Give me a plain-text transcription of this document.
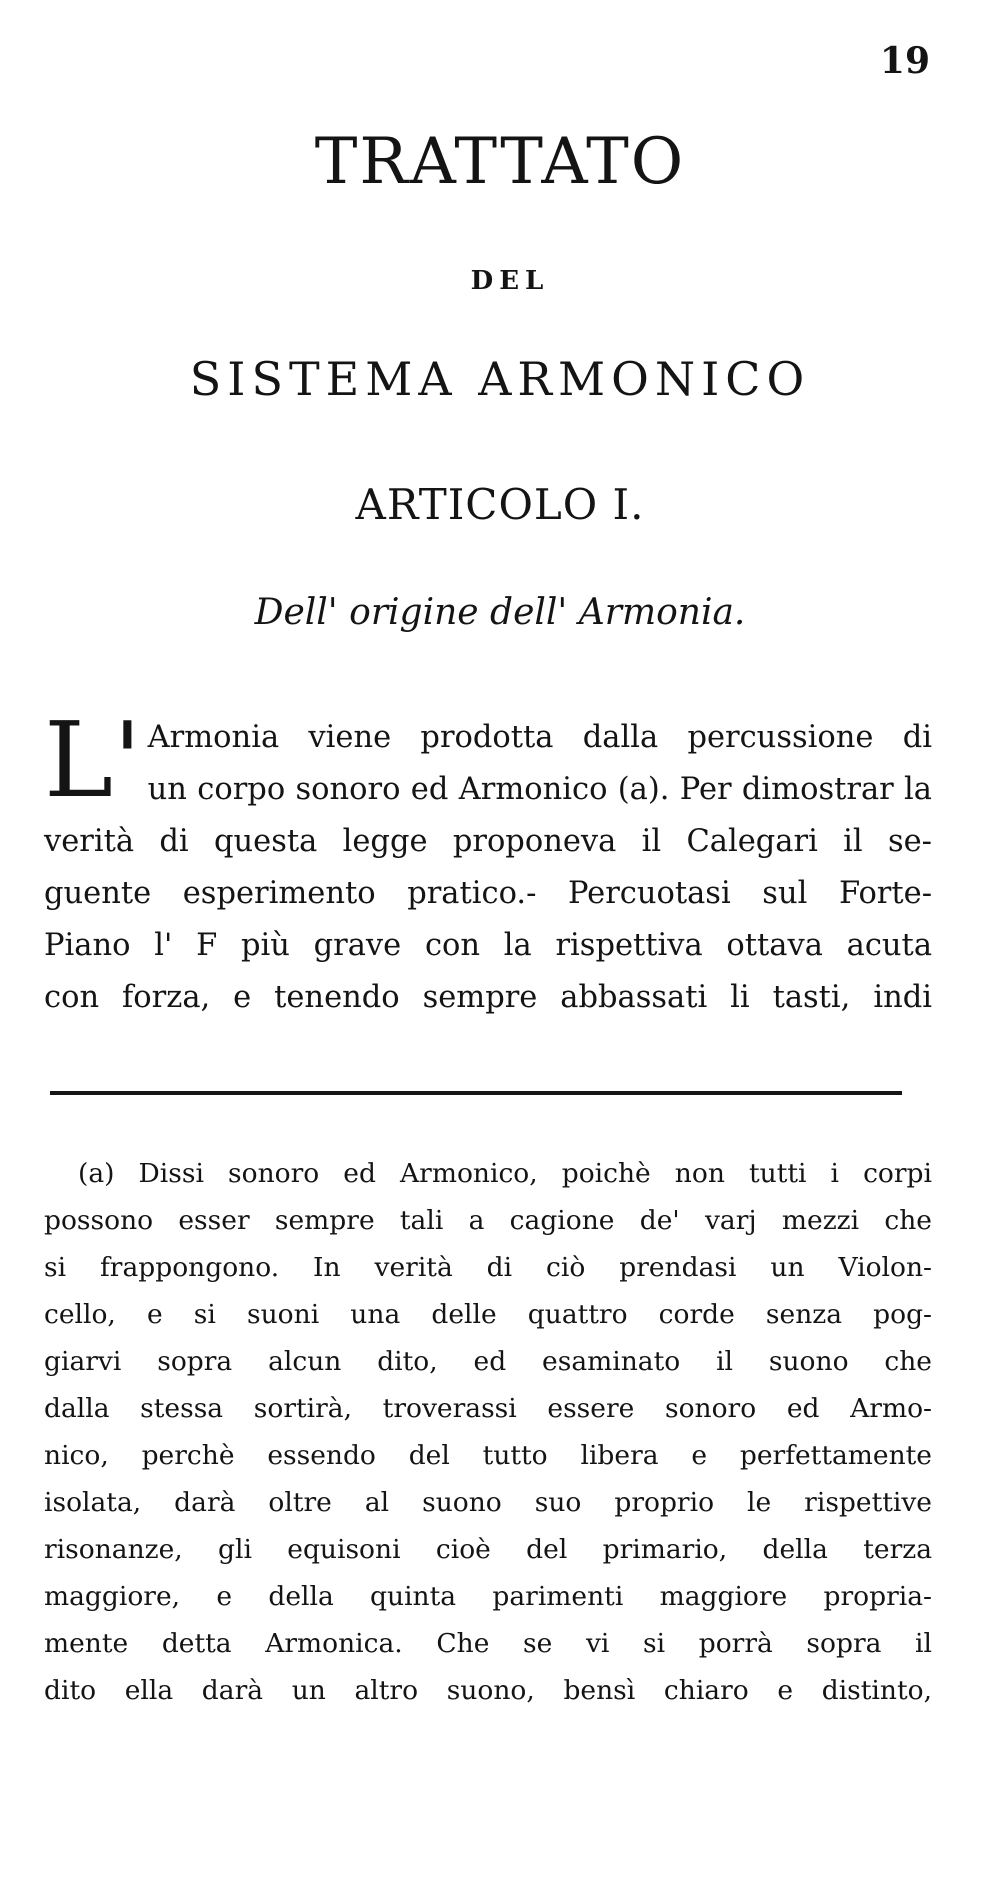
19
TRATTATO
DEL
SISTEMA ARMONICO
ARTICOLO I.
Dell' origine dell' Armonia.
L' Armonia viene prodotta dalla percussione di
un corpo sonoro ed Armonico (a). Per dimostrar la
verità di questa legge proponeva il Calegari il se-
guente esperimento pratico.- Percuotasi sul Forte-
Piano l' F più grave con la rispettiva ottava acuta
con forza, e tenendo sempre abbassati li tasti, indi
(a) Dissi sonoro ed Armonico, poichè non tutti i corpi
possono esser sempre tali a cagione de' varj mezzi che
si frappongono. In verità di ciò prendasi un Violon-
cello, e si suoni una delle quattro corde senza pog-
giarvi sopra alcun dito, ed esaminato il suono che
dalla stessa sortirà, troverassi essere sonoro ed Armo-
nico, perchè essendo del tutto libera e perfettamente
isolata, darà oltre al suono suo proprio le rispettive
risonanze, gli equisoni cioè del primario, della terza
maggiore, e della quinta parimenti maggiore propria-
mente detta Armonica. Che se vi si porrà sopra il
dito ella darà un altro suono, bensì chiaro e distinto,
